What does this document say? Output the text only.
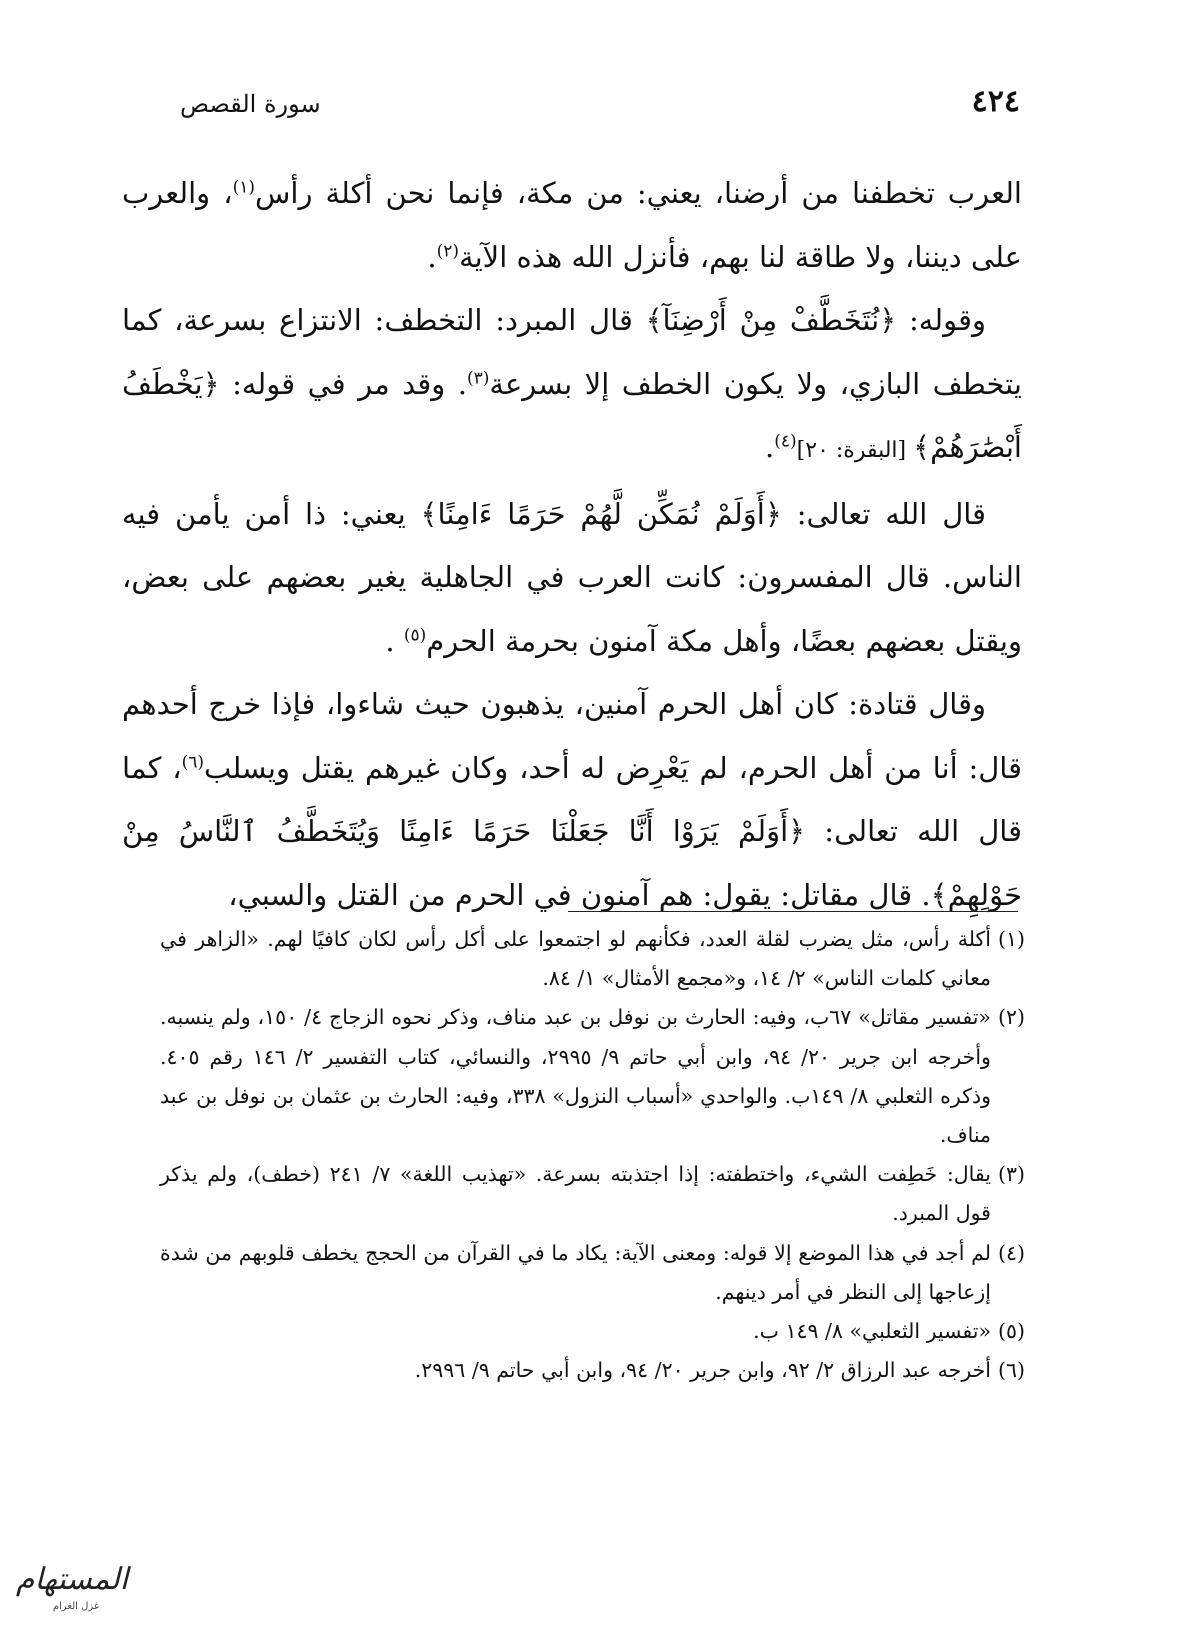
٤٢٤
سورة القصص

العرب تخطفنا من أرضنا، يعني: من مكة، فإنما نحن أكلة رأس$^{(١)}$، والعرب على ديننا، ولا طاقة لنا بهم، فأنزل الله هذه الآية$^{(٢)}$.

وقوله: ﴿نُتَخَطَّفْ مِنْ أَرْضِنَآ﴾ قال المبرد: التخطف: الانتزاع بسرعة، كما يتخطف البازي، ولا يكون الخطف إلا بسرعة$^{(٣)}$. وقد مر في قوله: ﴿يَخْطَفُ أَبْصَٰرَهُمْ﴾ [البقرة: ٢٠]$^{(٤)}$.

قال الله تعالى: ﴿أَوَلَمْ نُمَكِّن لَّهُمْ حَرَمًا ءَامِنًا﴾ يعني: ذا أمن يأمن فيه الناس. قال المفسرون: كانت العرب في الجاهلية يغير بعضهم على بعض، ويقتل بعضهم بعضًا، وأهل مكة آمنون بحرمة الحرم$^{(٥)}$ .

وقال قتادة: كان أهل الحرم آمنين، يذهبون حيث شاءوا، فإذا خرج أحدهم قال: أنا من أهل الحرم، لم يَعْرِض له أحد، وكان غيرهم يقتل ويسلب$^{(٦)}$، كما قال الله تعالى: ﴿أَوَلَمْ يَرَوْا أَنَّا جَعَلْنَا حَرَمًا ءَامِنًا وَيُتَخَطَّفُ ٱلنَّاسُ مِنْ حَوْلِهِمْ﴾. قال مقاتل: يقول: هم آمنون في الحرم من القتل والسبي،

(١)أكلة رأس، مثل يضرب لقلة العدد، فكأنهم لو اجتمعوا على أكل رأس لكان كافيًا لهم. «الزاهر في معاني كلمات الناس» ٢/ ١٤، و«مجمع الأمثال» ١/ ٨٤.

(٢)«تفسير مقاتل» ٦٧ب، وفيه: الحارث بن نوفل بن عبد مناف، وذكر نحوه الزجاج ٤/ ١٥٠، ولم ينسبه. وأخرجه ابن جرير ٢٠/ ٩٤، وابن أبي حاتم ٩/ ٢٩٩٥، والنسائي، كتاب التفسير ٢/ ١٤٦ رقم ٤٠٥. وذكره الثعلبي ٨/ ١٤٩ب. والواحدي «أسباب النزول» ٣٣٨، وفيه: الحارث بن عثمان بن نوفل بن عبد مناف.

(٣)يقال: خَطِفت الشيء، واختطفته: إذا اجتذبته بسرعة. «تهذيب اللغة» ٧/ ٢٤١ (خطف)، ولم يذكر قول المبرد.

(٤)لم أجد في هذا الموضع إلا قوله: ومعنى الآية: يكاد ما في القرآن من الحجج يخطف قلوبهم من شدة إزعاجها إلى النظر في أمر دينهم.

(٥)«تفسير الثعلبي» ٨/ ١٤٩ ب.

(٦)أخرجه عبد الرزاق ٢/ ٩٢، وابن جرير ٢٠/ ٩٤، وابن أبي حاتم ٩/ ٢٩٩٦.

المستهام
غزل الغرام
